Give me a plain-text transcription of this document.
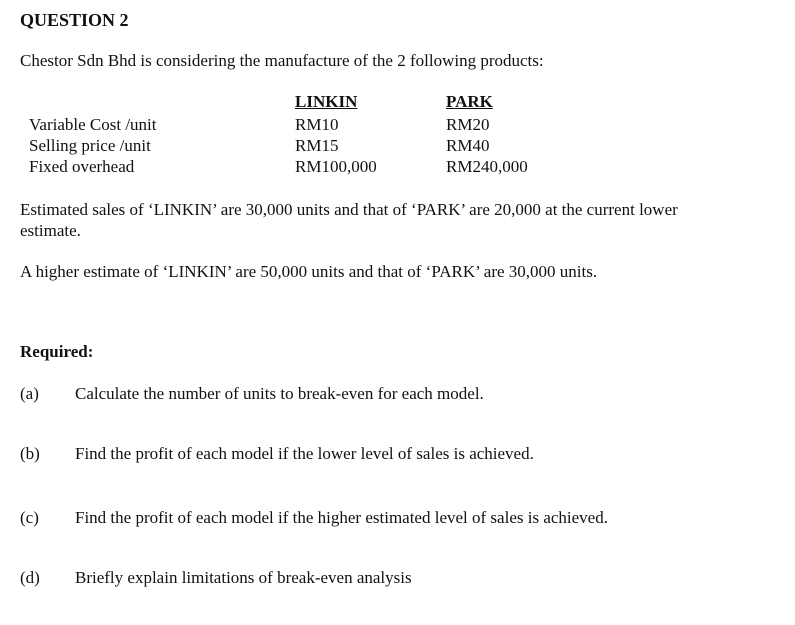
QUESTION 2
Chestor Sdn Bhd is considering the manufacture of the 2 following products:
LINKIN	PARK
Variable Cost /unit
Selling price /unit
Fixed overhead
RM10
RM15
RM100,000
RM20
RM40
RM240,000
Estimated sales of ‘LINKIN’ are 30,000 units and that of ‘PARK’ are 20,000 at the current lower estimate.
A higher estimate of ‘LINKIN’ are 50,000 units and that of ‘PARK’ are 30,000 units.
Required:
(a) Calculate the number of units to break-even for each model.
(b) Find the profit of each model if the lower level of sales is achieved.
(c) Find the profit of each model if the higher estimated level of sales is achieved.
(d) Briefly explain limitations of break-even analysis
